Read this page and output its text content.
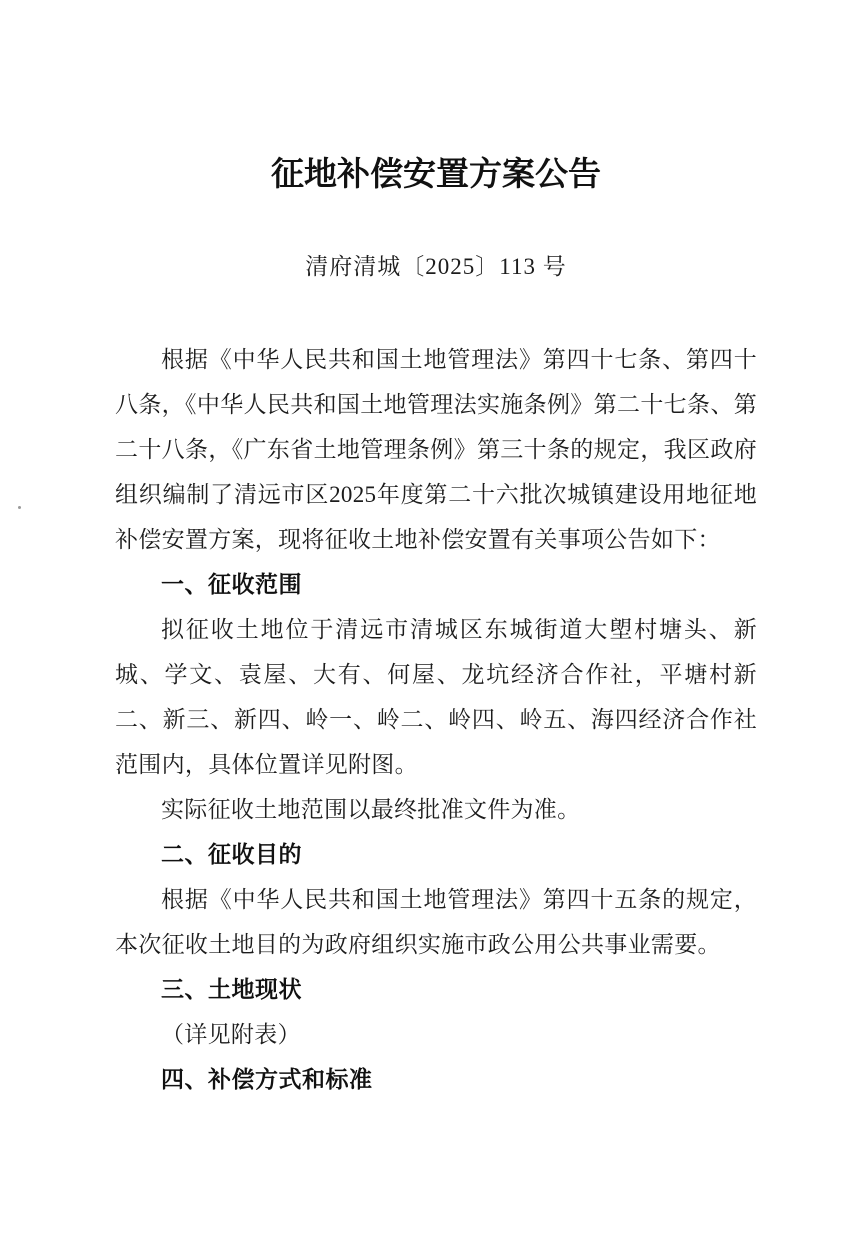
征地补偿安置方案公告
清府清城〔2025〕113 号

根据《中华人民共和国土地管理法》第四十七条、第四十八条，《中华人民共和国土地管理法实施条例》第二十七条、第二十八条，《广东省土地管理条例》第三十条的规定，我区政府组织编制了清远市区2025年度第二十六批次城镇建设用地征地补偿安置方案，现将征收土地补偿安置有关事项公告如下：

一、征收范围

拟征收土地位于清远市清城区东城街道大塱村塘头、新城、学文、袁屋、大有、何屋、龙坑经济合作社，平塘村新二、新三、新四、岭一、岭二、岭四、岭五、海四经济合作社范围内，具体位置详见附图。

实际征收土地范围以最终批准文件为准。

二、征收目的

根据《中华人民共和国土地管理法》第四十五条的规定，本次征收土地目的为政府组织实施市政公用公共事业需要。

三、土地现状

（详见附表）

四、补偿方式和标准
